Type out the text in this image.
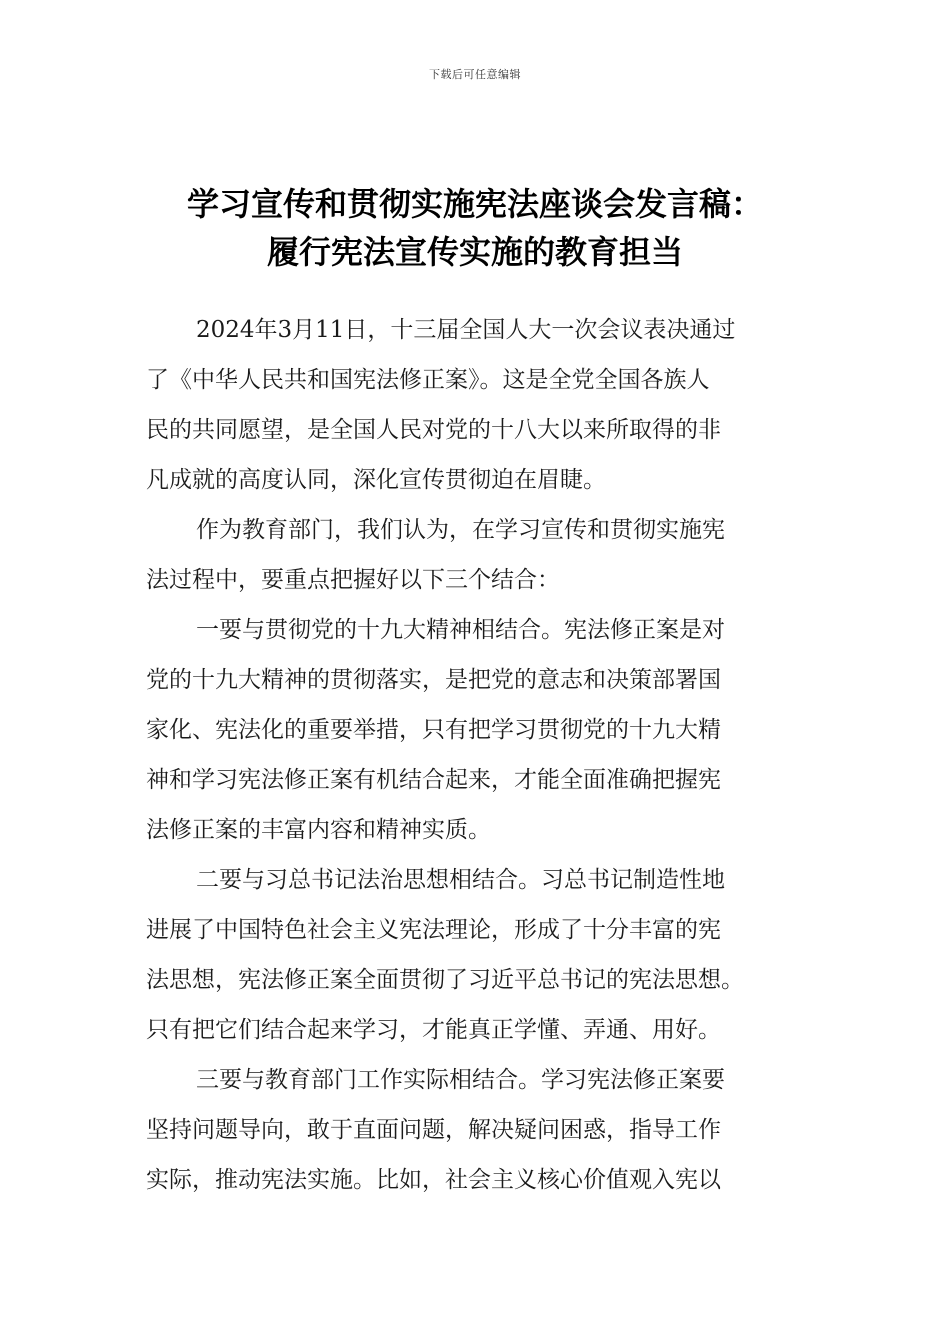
下载后可任意编辑
学习宣传和贯彻实施宪法座谈会发言稿：
履行宪法宣传实施的教育担当
2024年3月11日，十三届全国人大一次会议表决通过
了《中华人民共和国宪法修正案》。这是全党全国各族人
民的共同愿望，是全国人民对党的十八大以来所取得的非
凡成就的高度认同，深化宣传贯彻迫在眉睫。
作为教育部门，我们认为，在学习宣传和贯彻实施宪
法过程中，要重点把握好以下三个结合：
一要与贯彻党的十九大精神相结合。宪法修正案是对
党的十九大精神的贯彻落实，是把党的意志和决策部署国
家化、宪法化的重要举措，只有把学习贯彻党的十九大精
神和学习宪法修正案有机结合起来，才能全面准确把握宪
法修正案的丰富内容和精神实质。
二要与习总书记法治思想相结合。习总书记制造性地
进展了中国特色社会主义宪法理论，形成了十分丰富的宪
法思想，宪法修正案全面贯彻了习近平总书记的宪法思想。
只有把它们结合起来学习，才能真正学懂、弄通、用好。
三要与教育部门工作实际相结合。学习宪法修正案要
坚持问题导向，敢于直面问题，解决疑问困惑，指导工作
实际，推动宪法实施。比如，社会主义核心价值观入宪以
